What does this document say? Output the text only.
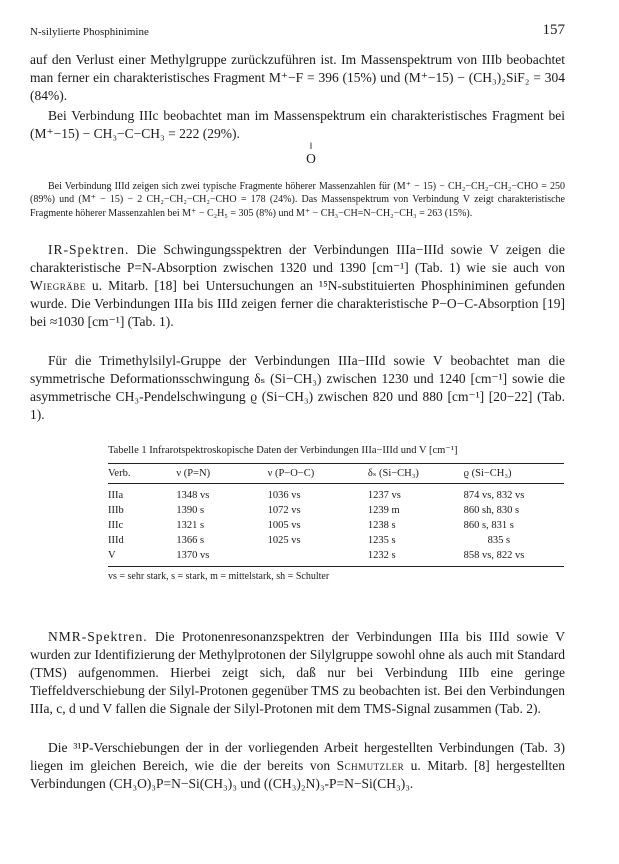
N-silylierte Phosphinimine	157

auf den Verlust einer Methylgruppe zurückzuführen ist. Im Massenspektrum von IIIb beobachtet man ferner ein charakteristisches Fragment M⁺−F = 396 (15%) und (M⁺−15) − (CH₃)₂SiF₂ = 304 (84%).

Bei Verbindung IIIc beobachtet man im Massenspektrum ein charakteristisches Fragment bei (M⁺−15) − CH₃−C−CH₃ = 222 (29%).

‖
O

Bei Verbindung IIId zeigen sich zwei typische Fragmente höherer Massenzahlen für (M⁺ − 15) − CH₂−CH₂−CH₂−CHO = 250 (89%) und (M⁺ − 15) − 2 CH₂−CH₂−CH₂−CHO = 178 (24%). Das Massenspektrum von Verbindung V zeigt charakteristische Fragmente höherer Massenzahlen bei M⁺ − C₂H₅ = 305 (8%) und M⁺ − CH₃−CH=N−CH₂−CH₃ = 263 (15%).

IR-Spektren. Die Schwingungsspektren der Verbindungen IIIa−IIId sowie V zeigen die charakteristische P=N-Absorption zwischen 1320 und 1390 [cm⁻¹] (Tab. 1) wie sie auch von Wiegräbe u. Mitarb. [18] bei Untersuchungen an ¹⁵N-substituierten Phosphiniminen gefunden wurde. Die Verbindungen IIIa bis IIId zeigen ferner die charakteristische P−O−C-Absorption [19] bei ≈1030 [cm⁻¹] (Tab. 1).

Für die Trimethylsilyl-Gruppe der Verbindungen IIIa−IIId sowie V beobachtet man die symmetrische Deformationsschwingung δₛ (Si−CH₃) zwischen 1230 und 1240 [cm⁻¹] sowie die asymmetrische CH₃-Pendelschwingung ϱ (Si−CH₃) zwischen 820 und 880 [cm⁻¹] [20−22] (Tab. 1).

Tabelle 1 Infrarotspektroskopische Daten der Verbindungen IIIa−IIId und V [cm⁻¹]

Verb.	ν (P=N)	ν (P−O−C)	δₛ (Si−CH₃)	ϱ (Si−CH₃)
IIIa	1348 vs	1036 vs	1237 vs	874 vs, 832 vs
IIIb	1390 s	1072 vs	1239 m	860 sh, 830 s
IIIc	1321 s	1005 vs	1238 s	860 s, 831 s
IIId	1366 s	1025 vs	1235 s	835 s
V	1370 vs		1232 s	858 vs, 822 vs

vs = sehr stark, s = stark, m = mittelstark, sh = Schulter

NMR-Spektren. Die Protonenresonanzspektren der Verbindungen IIIa bis IIId sowie V wurden zur Identifizierung der Methylprotonen der Silylgruppe sowohl ohne als auch mit Standard (TMS) aufgenommen. Hierbei zeigt sich, daß nur bei Verbindung IIIb eine geringe Tieffeldverschiebung der Silyl-Protonen gegenüber TMS zu beobachten ist. Bei den Verbindungen IIIa, c, d und V fallen die Signale der Silyl-Protonen mit dem TMS-Signal zusammen (Tab. 2).

Die ³¹P-Verschiebungen der in der vorliegenden Arbeit hergestellten Verbindungen (Tab. 3) liegen im gleichen Bereich, wie die der bereits von Schmutzler u. Mitarb. [8] hergestellten Verbindungen (CH₃O)₃P=N−Si(CH₃)₃ und ((CH₃)₂N)₃-P=N−Si(CH₃)₃.
